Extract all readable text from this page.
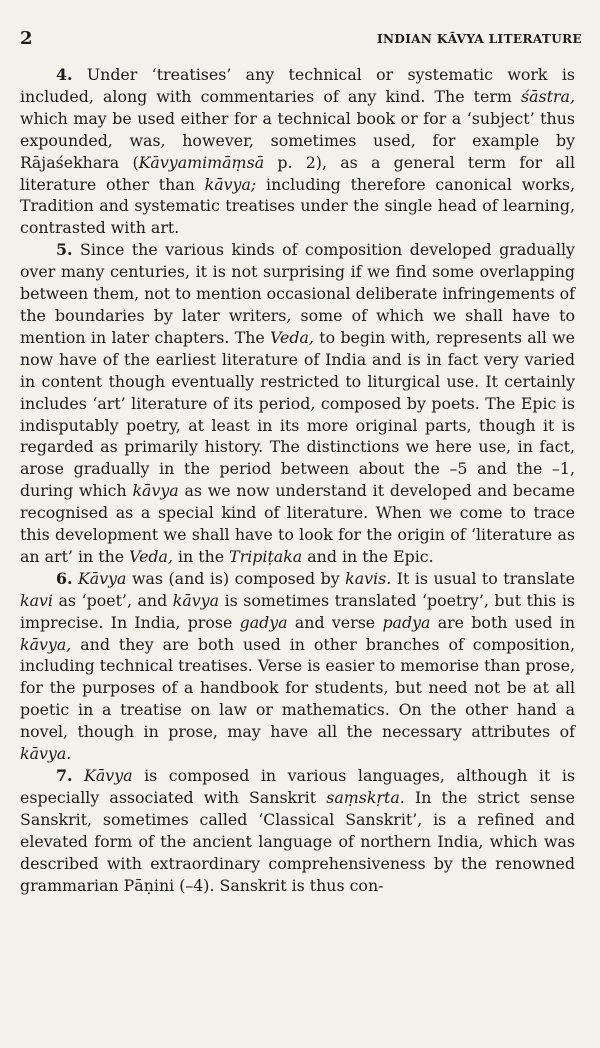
2	INDIAN KĀVYA LITERATURE

4. Under ‘treatises’ any technical or systematic work is included, along with commentaries of any kind. The term śāstra, which may be used either for a technical book or for a ‘subject’ thus expounded, was, however, sometimes used, for example by Rājaśekhara (Kāvyamimāṃsā p. 2), as a general term for all literature other than kāvya; including therefore canonical works, Tradition and systematic treatises under the single head of learning, contrasted with art.

5. Since the various kinds of composition developed gradually over many centuries, it is not surprising if we find some overlapping between them, not to mention occasional deliberate infringements of the boundaries by later writers, some of which we shall have to mention in later chapters. The Veda, to begin with, represents all we now have of the earliest literature of India and is in fact very varied in content though eventually restricted to liturgical use. It certainly includes ‘art’ literature of its period, composed by poets. The Epic is indisputably poetry, at least in its more original parts, though it is regarded as primarily history. The distinctions we here use, in fact, arose gradually in the period between about the –5 and the –1, during which kāvya as we now understand it developed and became recognised as a special kind of literature. When we come to trace this development we shall have to look for the origin of ‘literature as an art’ in the Veda, in the Tripiṭaka and in the Epic.

6. Kāvya was (and is) composed by kavis. It is usual to translate kavi as ‘poet’, and kāvya is sometimes translated ‘poetry’, but this is imprecise. In India, prose gadya and verse padya are both used in kāvya, and they are both used in other branches of composition, including technical treatises. Verse is easier to memorise than prose, for the purposes of a handbook for students, but need not be at all poetic in a treatise on law or mathematics. On the other hand a novel, though in prose, may have all the necessary attributes of kāvya.

7. Kāvya is composed in various languages, although it is especially associated with Sanskrit saṃskṛta. In the strict sense Sanskrit, sometimes called ‘Classical Sanskrit’, is a refined and elevated form of the ancient language of northern India, which was described with extraordinary comprehensiveness by the renowned grammarian Pāṇini (–4). Sanskrit is thus con-
